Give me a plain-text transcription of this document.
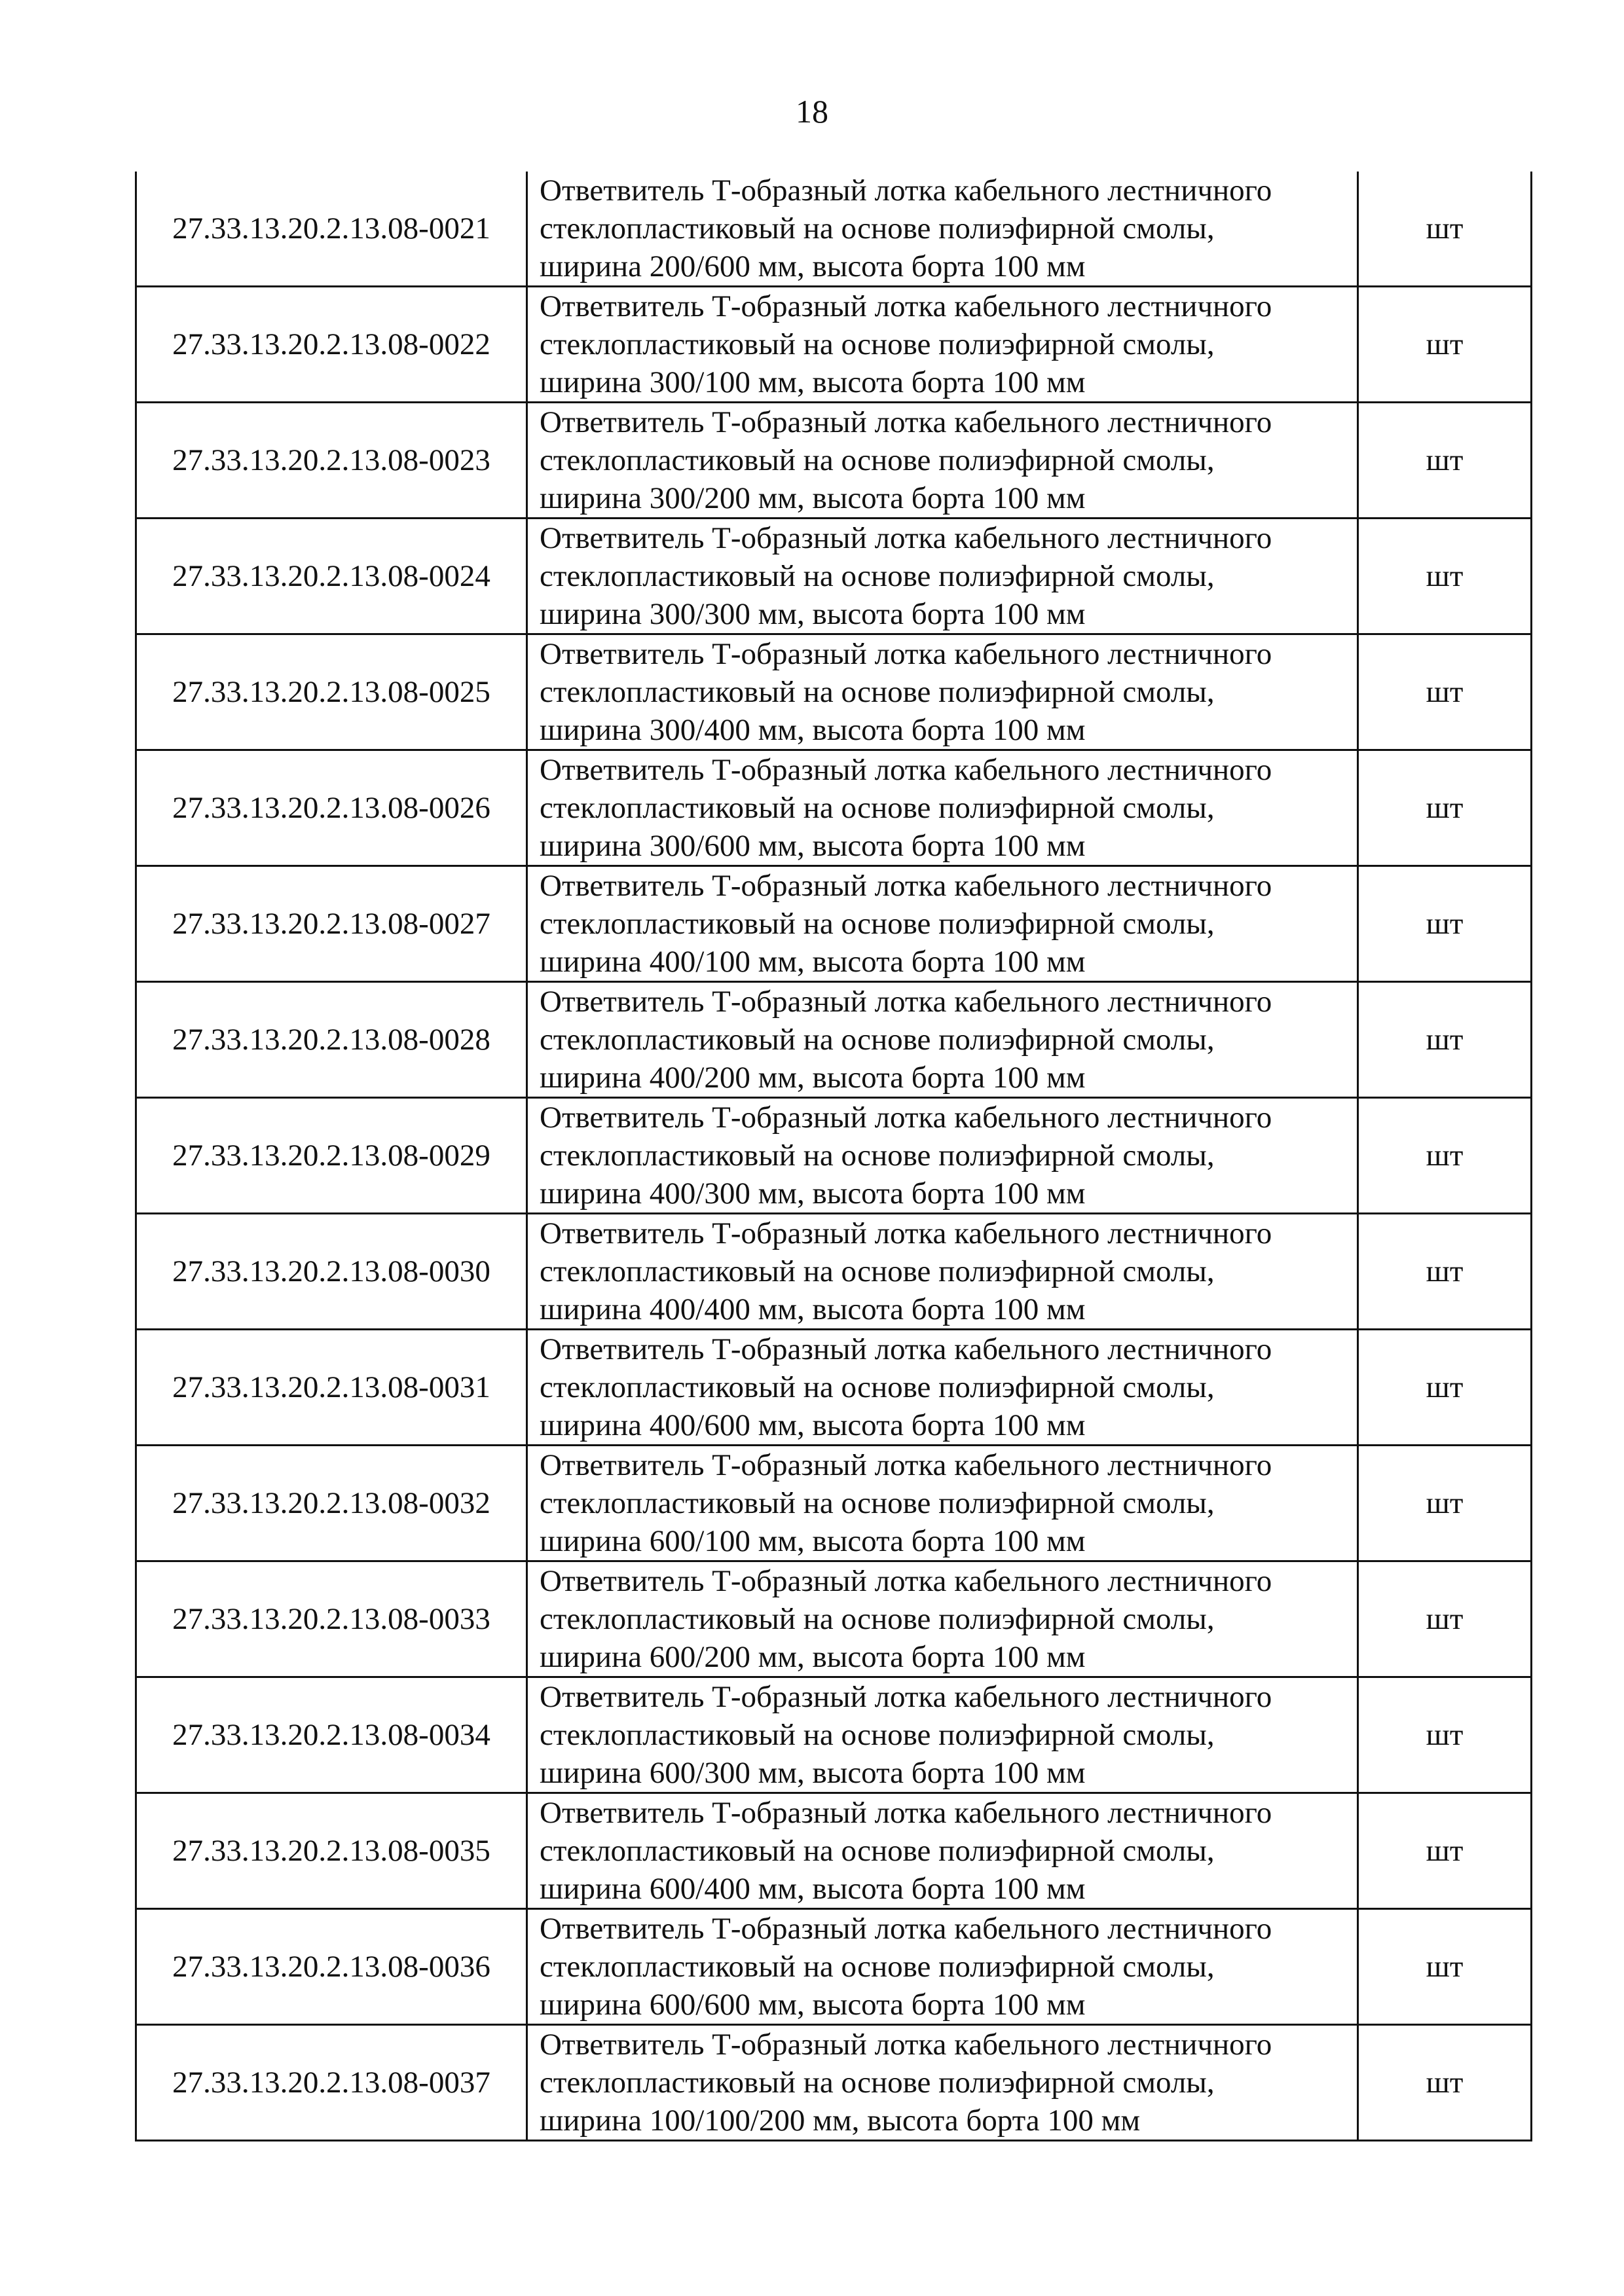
18
27.33.13.20.2.13.08-0021	Ответвитель Т-образный лотка кабельного лестничного
стеклопластиковый на основе полиэфирной смолы,
ширина 200/600 мм, высота борта 100 мм	шт
27.33.13.20.2.13.08-0022	Ответвитель Т-образный лотка кабельного лестничного
стеклопластиковый на основе полиэфирной смолы,
ширина 300/100 мм, высота борта 100 мм	шт
27.33.13.20.2.13.08-0023	Ответвитель Т-образный лотка кабельного лестничного
стеклопластиковый на основе полиэфирной смолы,
ширина 300/200 мм, высота борта 100 мм	шт
27.33.13.20.2.13.08-0024	Ответвитель Т-образный лотка кабельного лестничного
стеклопластиковый на основе полиэфирной смолы,
ширина 300/300 мм, высота борта 100 мм	шт
27.33.13.20.2.13.08-0025	Ответвитель Т-образный лотка кабельного лестничного
стеклопластиковый на основе полиэфирной смолы,
ширина 300/400 мм, высота борта 100 мм	шт
27.33.13.20.2.13.08-0026	Ответвитель Т-образный лотка кабельного лестничного
стеклопластиковый на основе полиэфирной смолы,
ширина 300/600 мм, высота борта 100 мм	шт
27.33.13.20.2.13.08-0027	Ответвитель Т-образный лотка кабельного лестничного
стеклопластиковый на основе полиэфирной смолы,
ширина 400/100 мм, высота борта 100 мм	шт
27.33.13.20.2.13.08-0028	Ответвитель Т-образный лотка кабельного лестничного
стеклопластиковый на основе полиэфирной смолы,
ширина 400/200 мм, высота борта 100 мм	шт
27.33.13.20.2.13.08-0029	Ответвитель Т-образный лотка кабельного лестничного
стеклопластиковый на основе полиэфирной смолы,
ширина 400/300 мм, высота борта 100 мм	шт
27.33.13.20.2.13.08-0030	Ответвитель Т-образный лотка кабельного лестничного
стеклопластиковый на основе полиэфирной смолы,
ширина 400/400 мм, высота борта 100 мм	шт
27.33.13.20.2.13.08-0031	Ответвитель Т-образный лотка кабельного лестничного
стеклопластиковый на основе полиэфирной смолы,
ширина 400/600 мм, высота борта 100 мм	шт
27.33.13.20.2.13.08-0032	Ответвитель Т-образный лотка кабельного лестничного
стеклопластиковый на основе полиэфирной смолы,
ширина 600/100 мм, высота борта 100 мм	шт
27.33.13.20.2.13.08-0033	Ответвитель Т-образный лотка кабельного лестничного
стеклопластиковый на основе полиэфирной смолы,
ширина 600/200 мм, высота борта 100 мм	шт
27.33.13.20.2.13.08-0034	Ответвитель Т-образный лотка кабельного лестничного
стеклопластиковый на основе полиэфирной смолы,
ширина 600/300 мм, высота борта 100 мм	шт
27.33.13.20.2.13.08-0035	Ответвитель Т-образный лотка кабельного лестничного
стеклопластиковый на основе полиэфирной смолы,
ширина 600/400 мм, высота борта 100 мм	шт
27.33.13.20.2.13.08-0036	Ответвитель Т-образный лотка кабельного лестничного
стеклопластиковый на основе полиэфирной смолы,
ширина 600/600 мм, высота борта 100 мм	шт
27.33.13.20.2.13.08-0037	Ответвитель Т-образный лотка кабельного лестничного
стеклопластиковый на основе полиэфирной смолы,
ширина 100/100/200 мм, высота борта 100 мм	шт
